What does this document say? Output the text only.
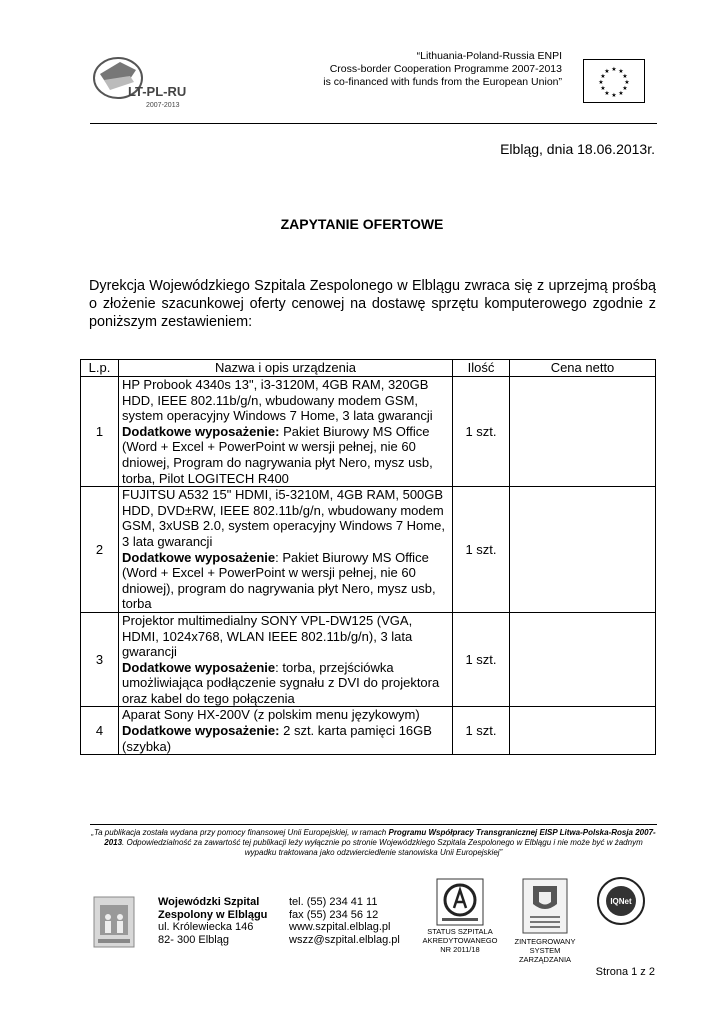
LT-PL-RU
2007-2013
“Lithuania-Poland-Russia ENPI
Cross-border Cooperation Programme 2007-2013
is co-financed with funds from the European Union”
★ ★
★
★
★
★
★
★
★
★
★
★
Elbląg, dnia 18.06.2013r.
ZAPYTANIE OFERTOWE
Dyrekcja Wojewódzkiego Szpitala Zespolonego w Elblągu zwraca się z uprzejmą prośbą o złożenie szacunkowej oferty cenowej na dostawę sprzętu komputerowego zgodnie z poniższym zestawieniem:
L.p.	Nazwa i opis urządzenia	Ilość	Cena netto
1	HP Probook 4340s 13", i3-3120M, 4GB RAM, 320GB HDD, IEEE 802.11b/g/n, wbudowany modem GSM, system operacyjny Windows 7 Home, 3 lata gwarancji
Dodatkowe wyposażenie: Pakiet Biurowy MS Office (Word + Excel + PowerPoint w wersji pełnej, nie 60 dniowej, Program do nagrywania płyt Nero, mysz usb, torba, Pilot LOGITECH R400	1 szt.	
2	FUJITSU A532 15" HDMI, i5-3210M, 4GB RAM, 500GB HDD, DVD±RW, IEEE 802.11b/g/n, wbudowany modem GSM, 3xUSB 2.0, system operacyjny Windows 7 Home, 3 lata gwarancji
Dodatkowe wyposażenie: Pakiet Biurowy MS Office (Word + Excel + PowerPoint w wersji pełnej, nie 60 dniowej), program do nagrywania płyt Nero, mysz usb, torba	1 szt.	
3	Projektor multimedialny SONY VPL-DW125 (VGA, HDMI, 1024x768, WLAN IEEE 802.11b/g/n), 3 lata gwarancji
Dodatkowe wyposażenie: torba, przejściówka umożliwiająca podłączenie sygnału z DVI do projektora oraz kabel do tego połączenia	1 szt.	
4	Aparat Sony HX-200V (z polskim menu językowym)
Dodatkowe wyposażenie: 2 szt. karta pamięci 16GB (szybka)	1 szt.	
„Ta publikacja została wydana przy pomocy finansowej Unii Europejskiej, w ramach Programu Współpracy Transgranicznej EISP Litwa-Polska-Rosja 2007-2013. Odpowiedzialność za zawartość tej publikacji leży wyłącznie po stronie Wojewódzkiego Szpitala Zespolonego w Elblągu i nie może być w żadnym wypadku traktowana jako odzwierciedlenie stanowiska Unii Europejskiej”
Wojewódzki Szpital
Zespolony w Elblągu
ul. Królewiecka 146
82- 300 Elbląg
tel. (55) 234 41 11
fax (55) 234 56 12
www.szpital.elblag.pl
wszz@szpital.elblag.pl
STATUS SZPITALA AKREDYTOWANEGO NR 2011/18
ZINTEGROWANY SYSTEM ZARZĄDZANIA
IQNet
Strona 1 z 2
